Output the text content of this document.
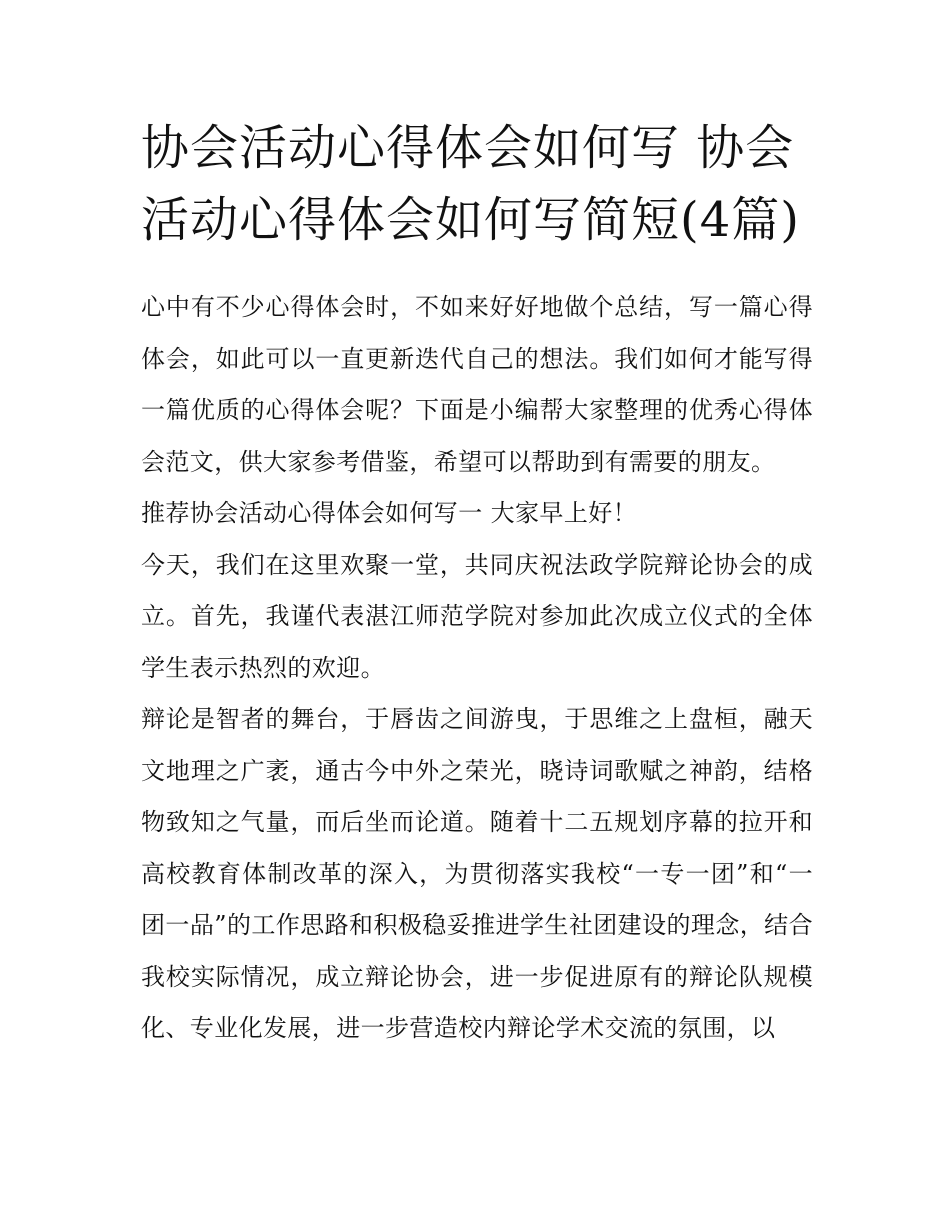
协会活动心得体会如何写 协会活动心得体会如何写简短(4篇)

心中有不少心得体会时，不如来好好地做个总结，写一篇心得体会，如此可以一直更新迭代自己的想法。我们如何才能写得一篇优质的心得体会呢？下面是小编帮大家整理的优秀心得体会范文，供大家参考借鉴，希望可以帮助到有需要的朋友。

推荐协会活动心得体会如何写一 大家早上好！

今天，我们在这里欢聚一堂，共同庆祝法政学院辩论协会的成立。首先，我谨代表湛江师范学院对参加此次成立仪式的全体学生表示热烈的欢迎。

辩论是智者的舞台，于唇齿之间游曳，于思维之上盘桓，融天文地理之广袤，通古今中外之荣光，晓诗词歌赋之神韵，结格物致知之气量，而后坐而论道。随着十二五规划序幕的拉开和高校教育体制改革的深入，为贯彻落实我校“一专一团”和“一团一品”的工作思路和积极稳妥推进学生社团建设的理念，结合我校实际情况，成立辩论协会，进一步促进原有的辩论队规模化、专业化发展，进一步营造校内辩论学术交流的氛围，以
